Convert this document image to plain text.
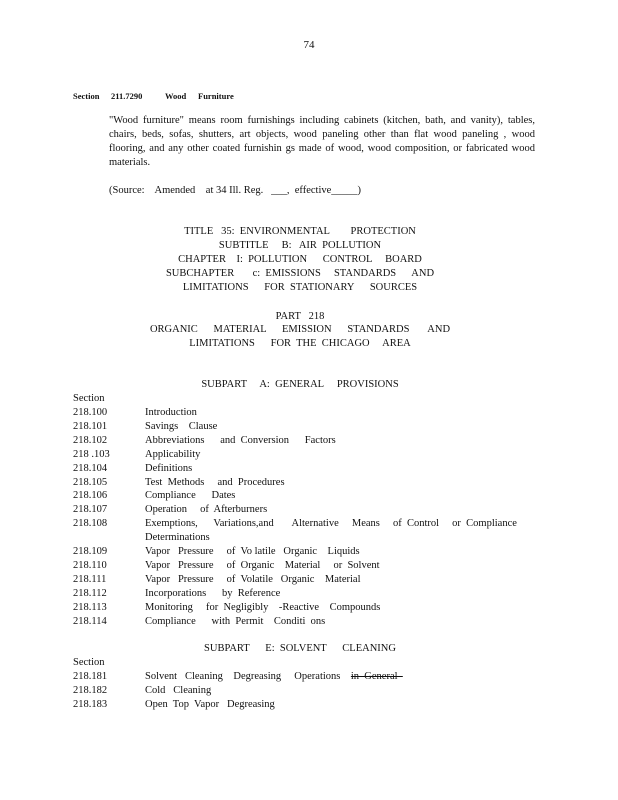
74
Section 211.7290	Wood Furniture
"Wood furniture" means room furnishings including cabinets (kitchen, bath, and vanity), tables, chairs, beds, sofas, shutters, art objects, wood paneling other than flat wood paneling , wood flooring, and any other coated furnishin gs made of wood, wood composition, or fabricated wood materials.
(Source:    Amended    at 34 Ill. Reg.   ___,  effective_____)
TITLE   35:  ENVIRONMENTAL        PROTECTION
SUBTITLE     B:   AIR  POLLUTION
CHAPTER    I:  POLLUTION      CONTROL     BOARD
SUBCHAPTER       c:  EMISSIONS     STANDARDS      AND
LIMITATIONS      FOR  STATIONARY      SOURCES
PART   218
ORGANIC      MATERIAL      EMISSION      STANDARDS       AND
LIMITATIONS      FOR  THE  CHICAGO     AREA
SUBPART     A:  GENERAL     PROVISIONS
Section
218.100	Introduction
218.101	Savings    Clause
218.102	Abbreviations      and  Conversion      Factors
218 .103	Applicability
218.104	Definitions
218.105	Test  Methods     and  Procedures
218.106	Compliance      Dates
218.107	Operation     of  Afterburners
218.108	Exemptions,      Variations,and       Alternative     Means     of  Control     or  Compliance
Determinations
218.109	Vapor   Pressure     of  Vo latile   Organic    Liquids
218.110	Vapor   Pressure     of  Organic    Material     or  Solvent
218.111	Vapor   Pressure     of  Volatile   Organic    Material
218.112	Incorporations      by  Reference
218.113	Monitoring     for  Negligibly    -Reactive    Compounds
218.114	Compliance      with  Permit    Conditi  ons
SUBPART      E:  SOLVENT      CLEANING
Section
218.181	Solvent   Cleaning    Degreasing     Operations    in  General
218.182	Cold   Cleaning
218.183	Open  Top  Vapor   Degreasing
